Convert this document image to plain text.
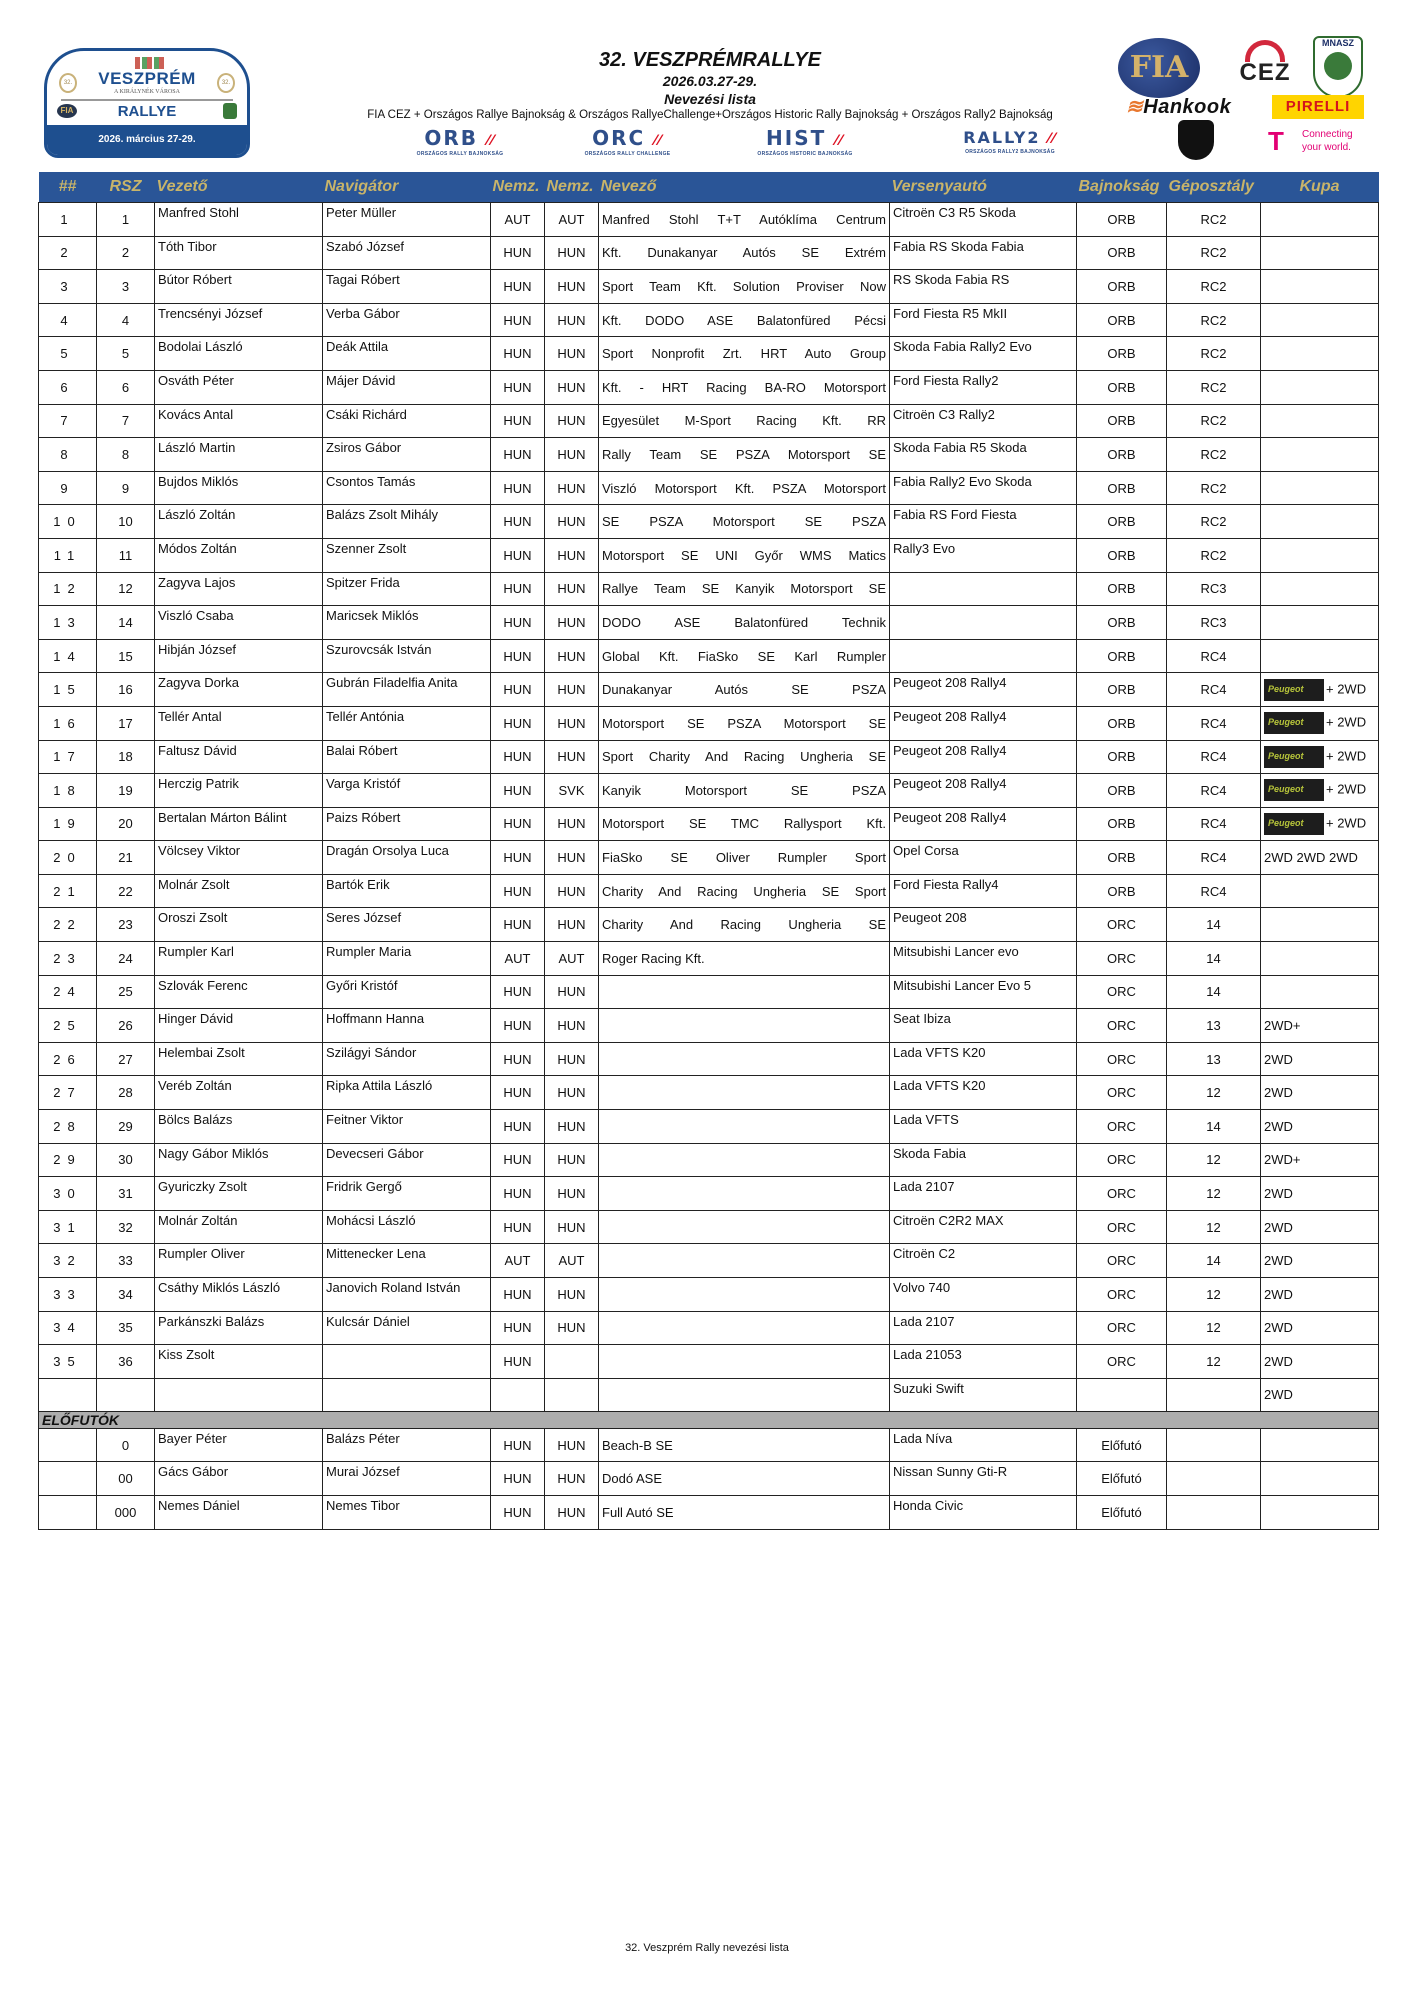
32.	32.
VESZPRÉM
A KIRÁLYNÉK VÁROSA
FIA	RALLYE
2026. március 27-29.
32. VESZPRÉMRALLYE
2026.03.27-29.
Nevezési lista
FIA CEZ + Országos Rallye Bajnokság & Országos RallyeChallenge+Országos Historic Rally Bajnokság + Országos Rally2 Bajnokság
ORB ⁄⁄
ORSZÁGOS RALLY BAJNOKSÁG
ORC ⁄⁄
ORSZÁGOS RALLY CHALLENGE
HIST ⁄⁄
ORSZÁGOS HISTORIC BAJNOKSÁG
RALLY2 ⁄⁄
ORSZÁGOS RALLY2 BAJNOKSÁG
FIA	CEZ
MNASZ
≋Hankook	PIRELLI
T Connecting
your world.
##	RSZ	Vezető	Navigátor	Nemz.	Nemz.	Nevező	Versenyautó	Bajnokság	Géposztály	Kupa
1	1	Manfred Stohl	Peter Müller	AUT	AUT	Manfred Stohl T+T Autóklíma Centrum	Citroën C3 R5 Skoda	ORB	RC2	
2	2	Tóth Tibor	Szabó József	HUN	HUN	Kft. Dunakanyar Autós SE Extrém	Fabia RS Skoda Fabia	ORB	RC2	
3	3	Bútor Róbert	Tagai Róbert	HUN	HUN	Sport Team Kft. Solution Proviser Now	RS Skoda Fabia RS	ORB	RC2	
4	4	Trencsényi József	Verba Gábor	HUN	HUN	Kft. DODO ASE Balatonfüred Pécsi	Ford Fiesta R5 MkII	ORB	RC2	
5	5	Bodolai László	Deák Attila	HUN	HUN	Sport Nonprofit Zrt. HRT Auto Group	Skoda Fabia Rally2 Evo	ORB	RC2	
6	6	Osváth Péter	Májer Dávid	HUN	HUN	Kft. - HRT Racing BA-RO Motorsport	Ford Fiesta Rally2	ORB	RC2	
7	7	Kovács Antal	Csáki Richárd	HUN	HUN	Egyesület M-Sport Racing Kft. RR	Citroën C3 Rally2	ORB	RC2	
8	8	László Martin	Zsiros Gábor	HUN	HUN	Rally Team SE PSZA Motorsport SE	Skoda Fabia R5 Skoda	ORB	RC2	
9	9	Bujdos Miklós	Csontos Tamás	HUN	HUN	Viszló Motorsport Kft. PSZA Motorsport	Fabia Rally2 Evo Skoda	ORB	RC2	
10	10	László Zoltán	Balázs Zsolt Mihály	HUN	HUN	SE PSZA Motorsport SE PSZA	Fabia RS Ford Fiesta	ORB	RC2	
11	11	Módos Zoltán	Szenner Zsolt	HUN	HUN	Motorsport SE UNI Győr WMS Matics	Rally3 Evo	ORB	RC2	
12	12	Zagyva Lajos	Spitzer Frida	HUN	HUN	Rallye Team SE Kanyik Motorsport SE		ORB	RC3	
13	14	Viszló Csaba	Maricsek Miklós	HUN	HUN	DODO ASE Balatonfüred Technik		ORB	RC3	
14	15	Hibján József	Szurovcsák István	HUN	HUN	Global Kft. FiaSko SE Karl Rumpler		ORB	RC4	
15	16	Zagyva Dorka	Gubrán Filadelfia Anita	HUN	HUN	Dunakanyar Autós SE PSZA	Peugeot 208 Rally4	ORB	RC4	Peugeot + 2WD
16	17	Tellér Antal	Tellér Antónia	HUN	HUN	Motorsport SE PSZA Motorsport SE	Peugeot 208 Rally4	ORB	RC4	Peugeot + 2WD
17	18	Faltusz Dávid	Balai Róbert	HUN	HUN	Sport Charity And Racing Ungheria SE	Peugeot 208 Rally4	ORB	RC4	Peugeot + 2WD
18	19	Herczig Patrik	Varga Kristóf	HUN	SVK	Kanyik Motorsport SE PSZA	Peugeot 208 Rally4	ORB	RC4	Peugeot + 2WD
19	20	Bertalan Márton Bálint	Paizs Róbert	HUN	HUN	Motorsport SE TMC Rallysport Kft.	Peugeot 208 Rally4	ORB	RC4	Peugeot + 2WD
20	21	Völcsey Viktor	Dragán Orsolya Luca	HUN	HUN	FiaSko SE Oliver Rumpler Sport	Opel Corsa	ORB	RC4	2WD 2WD 2WD
21	22	Molnár Zsolt	Bartók Erik	HUN	HUN	Charity And Racing Ungheria SE Sport	Ford Fiesta Rally4	ORB	RC4	
22	23	Oroszi Zsolt	Seres József	HUN	HUN	Charity And Racing Ungheria SE	Peugeot 208	ORC	14	
23	24	Rumpler Karl	Rumpler Maria	AUT	AUT	Roger Racing Kft.	Mitsubishi Lancer evo	ORC	14	
24	25	Szlovák Ferenc	Győri Kristóf	HUN	HUN		Mitsubishi Lancer Evo 5	ORC	14	
25	26	Hinger Dávid	Hoffmann Hanna	HUN	HUN		Seat Ibiza	ORC	13	2WD+
26	27	Helembai Zsolt	Szilágyi Sándor	HUN	HUN		Lada VFTS K20	ORC	13	2WD
27	28	Veréb Zoltán	Ripka Attila László	HUN	HUN		Lada VFTS K20	ORC	12	2WD
28	29	Bölcs Balázs	Feitner Viktor	HUN	HUN		Lada VFTS	ORC	14	2WD
29	30	Nagy Gábor Miklós	Devecseri Gábor	HUN	HUN		Skoda Fabia	ORC	12	2WD+
30	31	Gyuriczky Zsolt	Fridrik Gergő	HUN	HUN		Lada 2107	ORC	12	2WD
31	32	Molnár Zoltán	Mohácsi László	HUN	HUN		Citroën C2R2 MAX	ORC	12	2WD
32	33	Rumpler Oliver	Mittenecker Lena	AUT	AUT		Citroën C2	ORC	14	2WD
33	34	Csáthy Miklós László	Janovich Roland István	HUN	HUN		Volvo 740	ORC	12	2WD
34	35	Parkánszki Balázs	Kulcsár Dániel	HUN	HUN		Lada 2107	ORC	12	2WD
35	36	Kiss Zsolt		HUN			Lada 21053	ORC	12	2WD
							Suzuki Swift			2WD
ELŐFUTÓK										
	0	Bayer Péter	Balázs Péter	HUN	HUN	Beach-B SE	Lada Níva	Előfutó		
	00	Gács Gábor	Murai József	HUN	HUN	Dodó ASE	Nissan Sunny Gti-R	Előfutó		
	000	Nemes Dániel	Nemes Tibor	HUN	HUN	Full Autó SE	Honda Civic	Előfutó		
32. Veszprém Rally nevezési lista
